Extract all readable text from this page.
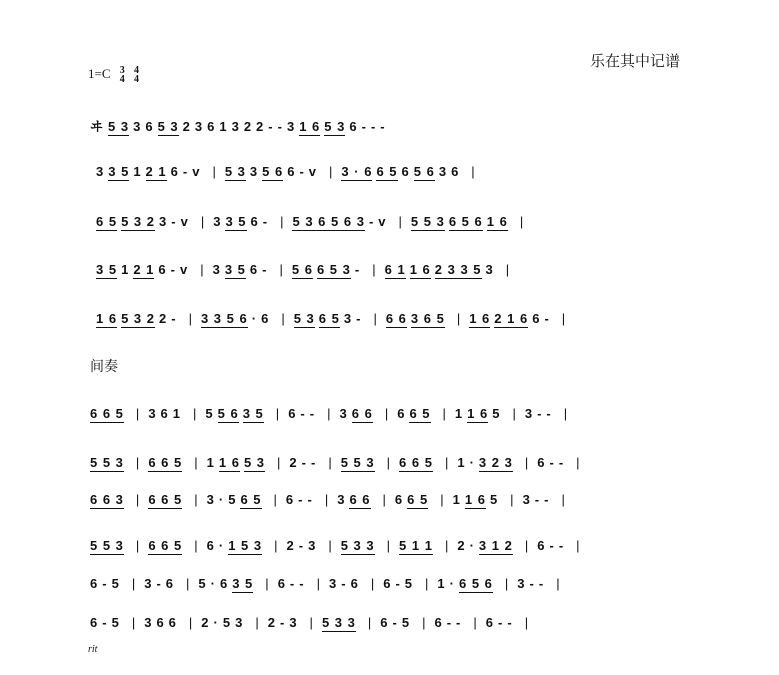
乐在其中记谱
1=C 3
4 4
4
间奏
ヰ 5 3 3 6 5 3 2 3 6 1 3 2 2 - - 3 1 6 5 3 6 - - -
3 3 5 1 2 1 6 - v | 5 3 3 5 6 6 - v | 3 · 6 6 5 6 5 6 3 6 |
6 5 5 3 2 3 - v | 3 3 5 6 - | 5 3 6 5 6 3 - v | 5 5 3 6 5 6 1 6 |
3 5 1 2 1 6 - v | 3 3 5 6 - | 5 6 6 5 3 - | 6 1 1 6 2 3 3 5 3 |
1 6 5 3 2 2 - | 3 3 5 6 · 6 | 5 3 6 5 3 - | 6 6 3 6 5 | 1 6 2 1 6 6 - |
6 6 5 | 3 6 1 | 5 5 6 3 5 | 6 - - | 3 6 6 | 6 6 5 | 1 1 6 5 | 3 - - |
5 5 3 | 6 6 5 | 1 1 6 5 3 | 2 - - | 5 5 3 | 6 6 5 | 1 · 3 2 3 | 6 - - |
6 6 3 | 6 6 5 | 3 · 5 6 5 | 6 - - | 3 6 6 | 6 6 5 | 1 1 6 5 | 3 - - |
5 5 3 | 6 6 5 | 6 · 1 5 3 | 2 - 3 | 5 3 3 | 5 1 1 | 2 · 3 1 2 | 6 - - |
6 - 5 | 3 - 6 | 5 · 6 3 5 | 6 - - | 3 - 6 | 6 - 5 | 1 · 6 5 6 | 3 - - |
6 - 5 | 3 6 6 | 2 · 5 3 | 2 - 3 | 5 3 3 | 6 - 5 | 6 - - | 6 - - |
rit
